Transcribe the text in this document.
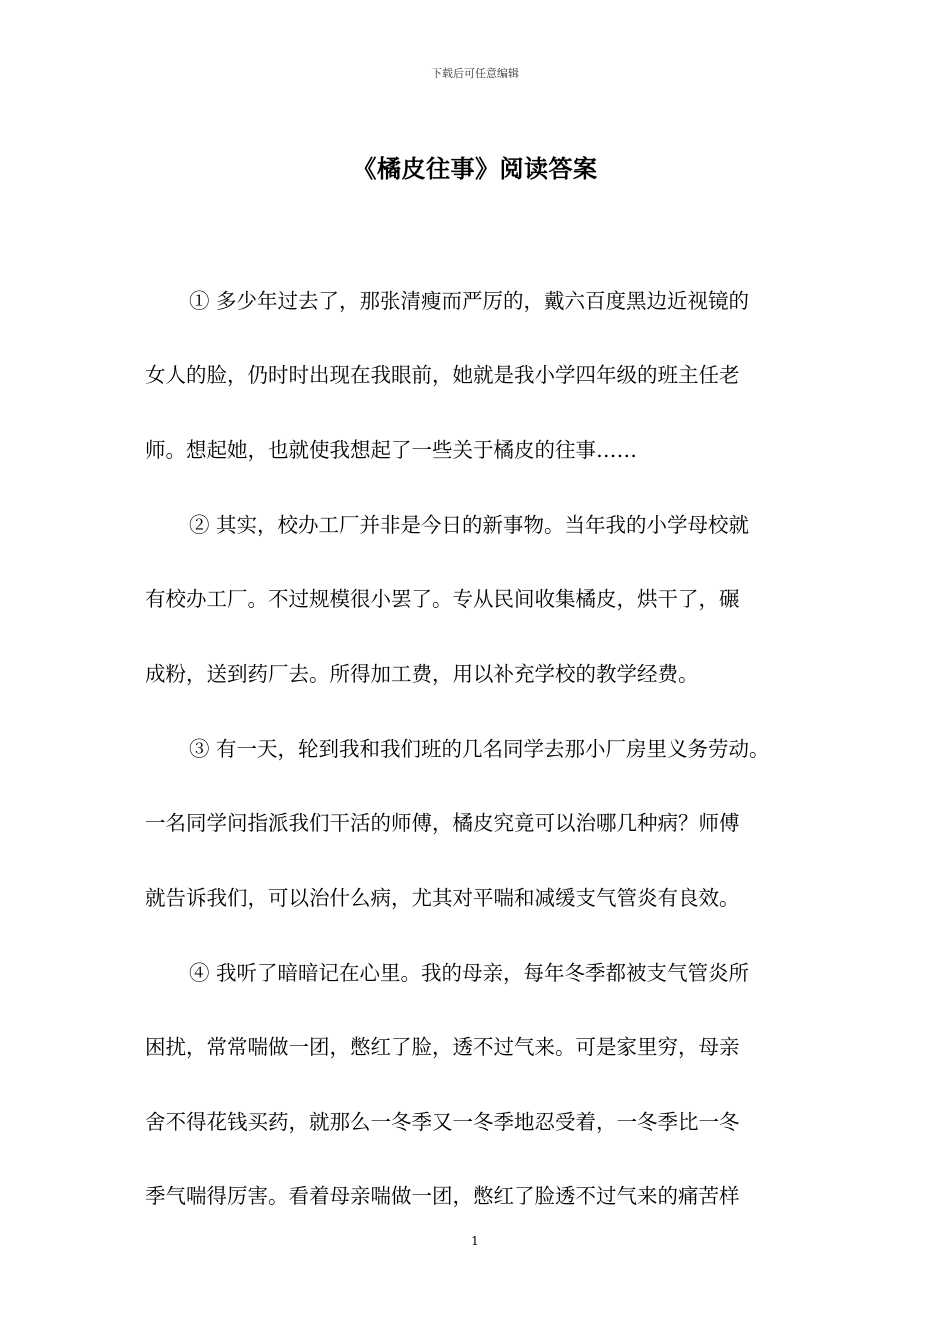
下载后可任意编辑
《橘皮往事》阅读答案
① 多少年过去了，那张清瘦而严厉的，戴六百度黑边近视镜的
女人的脸，仍时时出现在我眼前，她就是我小学四年级的班主任老
师。想起她，也就使我想起了一些关于橘皮的往事……
② 其实，校办工厂并非是今日的新事物。当年我的小学母校就
有校办工厂。不过规模很小罢了。专从民间收集橘皮，烘干了，碾
成粉，送到药厂去。所得加工费，用以补充学校的教学经费。
③ 有一天，轮到我和我们班的几名同学去那小厂房里义务劳动。
一名同学问指派我们干活的师傅，橘皮究竟可以治哪几种病？师傅
就告诉我们，可以治什么病，尤其对平喘和减缓支气管炎有良效。
④ 我听了暗暗记在心里。我的母亲，每年冬季都被支气管炎所
困扰，常常喘做一团，憋红了脸，透不过气来。可是家里穷，母亲
舍不得花钱买药，就那么一冬季又一冬季地忍受着，一冬季比一冬
季气喘得厉害。看着母亲喘做一团，憋红了脸透不过气来的痛苦样
1
